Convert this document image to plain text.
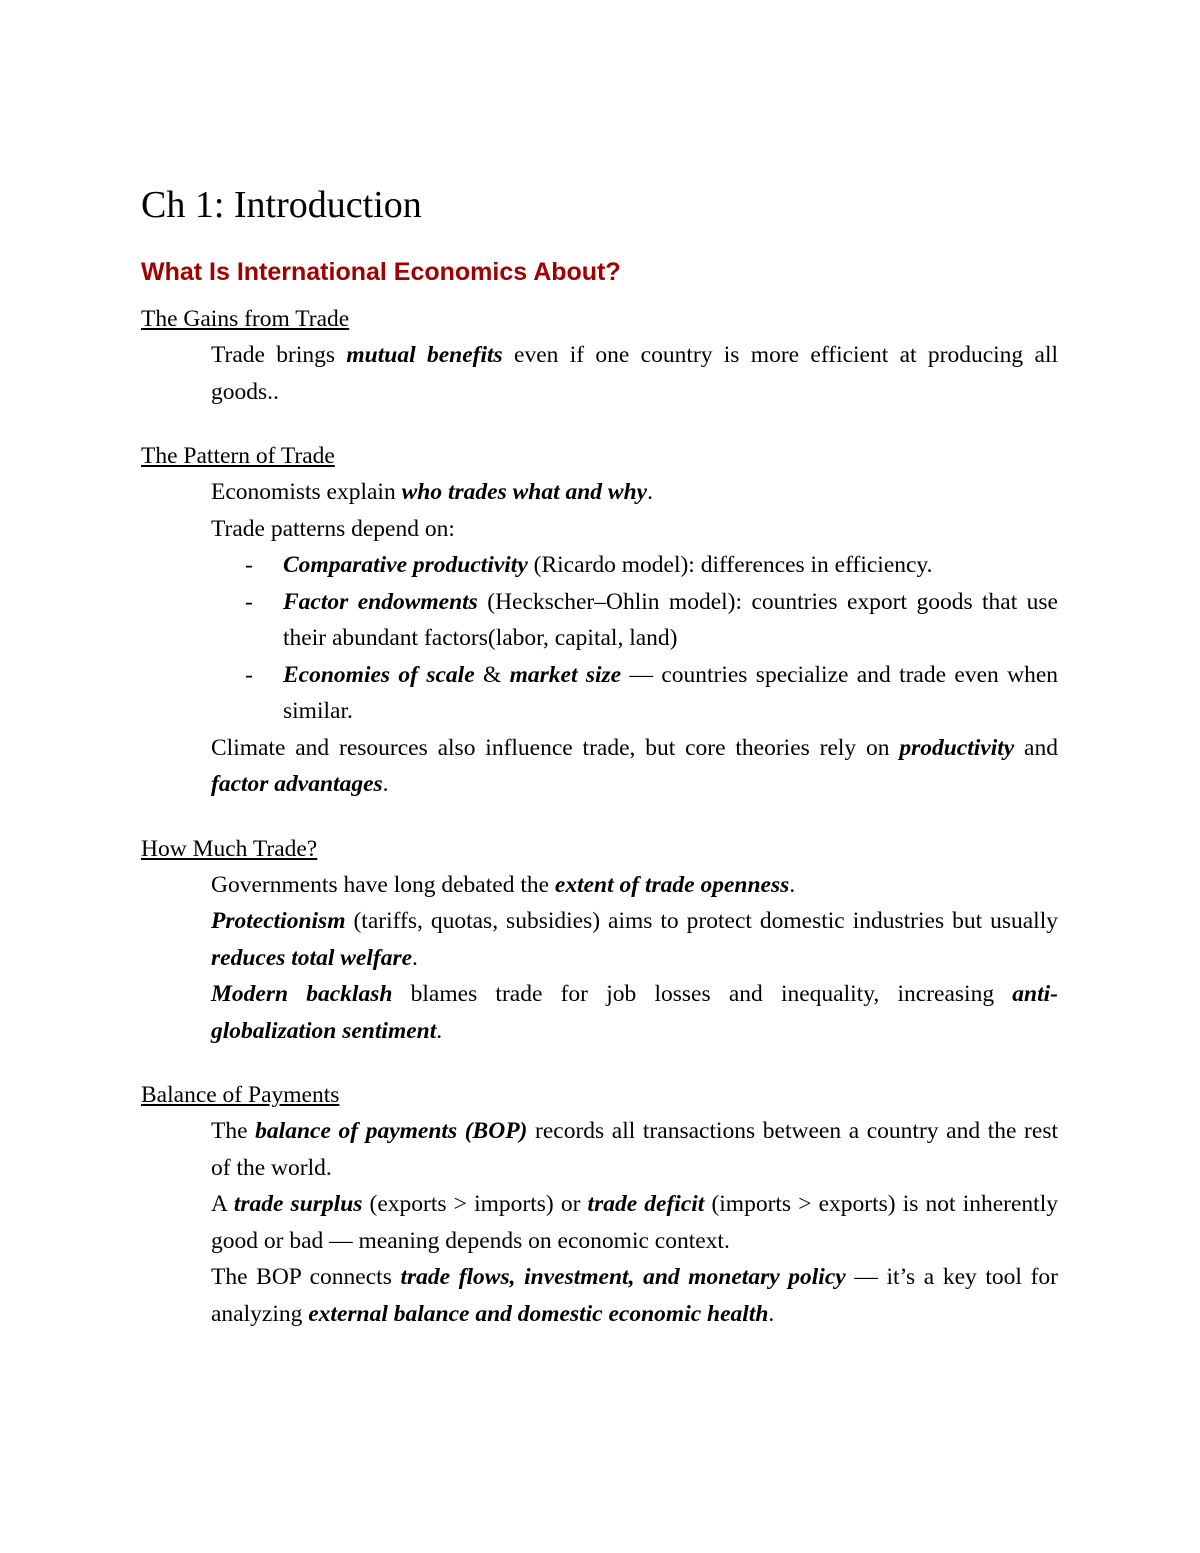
Ch 1: Introduction
What Is International Economics About?
The Gains from Trade

Trade brings mutual benefits even if one country is more efficient at producing all goods..

The Pattern of Trade

Economists explain who trades what and why.

Trade patterns depend on:

- Comparative productivity (Ricardo model): differences in efficiency.
- Factor endowments (Heckscher–Ohlin model): countries export goods that use their abundant factors(labor, capital, land)
- Economies of scale & market size — countries specialize and trade even when similar.

Climate and resources also influence trade, but core theories rely on productivity and factor advantages.

How Much Trade?

Governments have long debated the extent of trade openness.

Protectionism (tariffs, quotas, subsidies) aims to protect domestic industries but usually reduces total welfare.

Modern backlash blames trade for job losses and inequality, increasing anti-globalization sentiment.

Balance of Payments

The balance of payments (BOP) records all transactions between a country and the rest of the world.

A trade surplus (exports > imports) or trade deficit (imports > exports) is not inherently good or bad — meaning depends on economic context.

The BOP connects trade flows, investment, and monetary policy — it’s a key tool for analyzing external balance and domestic economic health.
